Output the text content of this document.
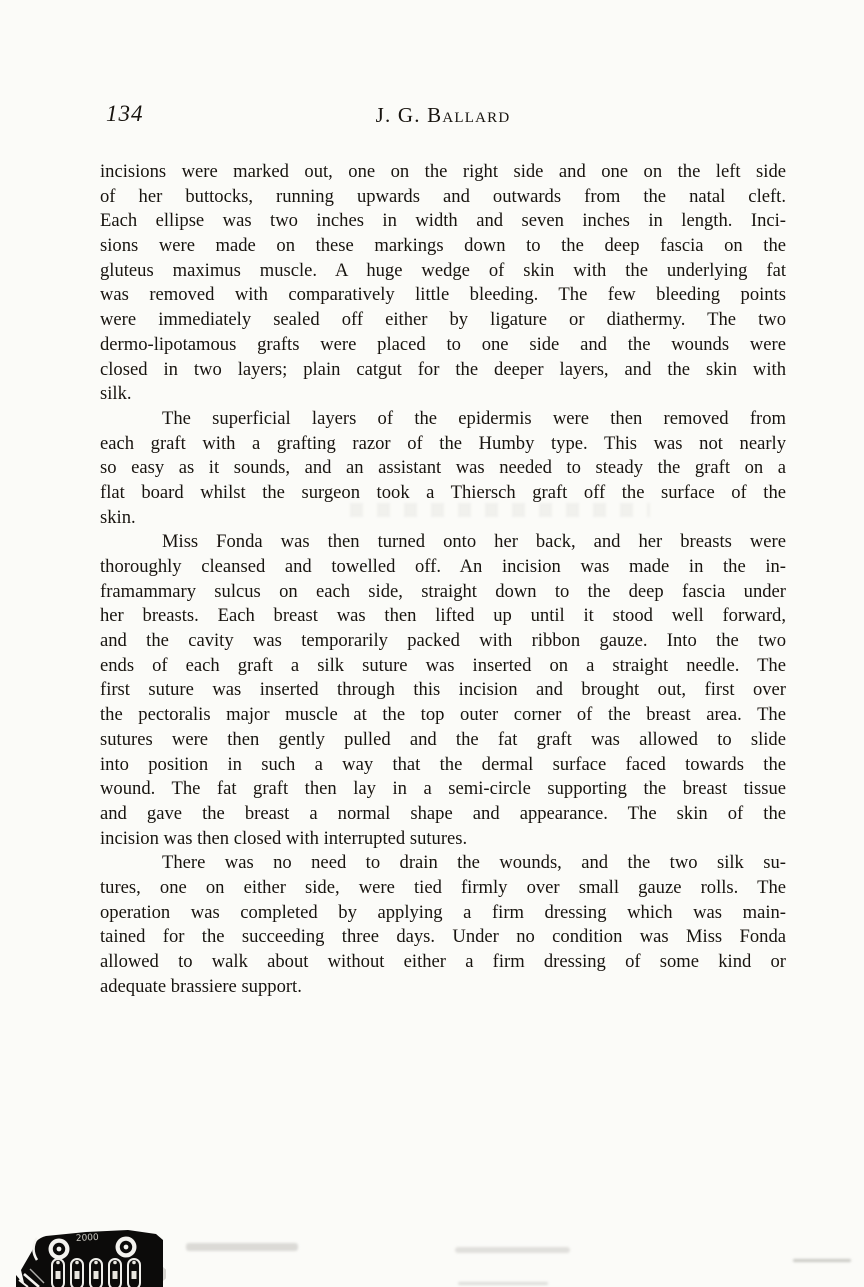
134	J. G. Ballard
incisions were marked out, one on the right side and one on the left side
of her buttocks, running upwards and outwards from the natal cleft.
Each ellipse was two inches in width and seven inches in length. Inci-
sions were made on these markings down to the deep fascia on the
gluteus maximus muscle. A huge wedge of skin with the underlying fat
was removed with comparatively little bleeding. The few bleeding points
were immediately sealed off either by ligature or diathermy. The two
dermo-lipotamous grafts were placed to one side and the wounds were
closed in two layers; plain catgut for the deeper layers, and the skin with
silk.
The superficial layers of the epidermis were then removed from
each graft with a grafting razor of the Humby type. This was not nearly
so easy as it sounds, and an assistant was needed to steady the graft on a
flat board whilst the surgeon took a Thiersch graft off the surface of the
skin.
Miss Fonda was then turned onto her back, and her breasts were
thoroughly cleansed and towelled off. An incision was made in the in-
framammary sulcus on each side, straight down to the deep fascia under
her breasts. Each breast was then lifted up until it stood well forward,
and the cavity was temporarily packed with ribbon gauze. Into the two
ends of each graft a silk suture was inserted on a straight needle. The
first suture was inserted through this incision and brought out, first over
the pectoralis major muscle at the top outer corner of the breast area. The
sutures were then gently pulled and the fat graft was allowed to slide
into position in such a way that the dermal surface faced towards the
wound. The fat graft then lay in a semi-circle supporting the breast tissue
and gave the breast a normal shape and appearance. The skin of the
incision was then closed with interrupted sutures.
There was no need to drain the wounds, and the two silk su-
tures, one on either side, were tied firmly over small gauze rolls. The
operation was completed by applying a firm dressing which was main-
tained for the succeeding three days. Under no condition was Miss Fonda
allowed to walk about without either a firm dressing of some kind or
adequate brassiere support.
2000
